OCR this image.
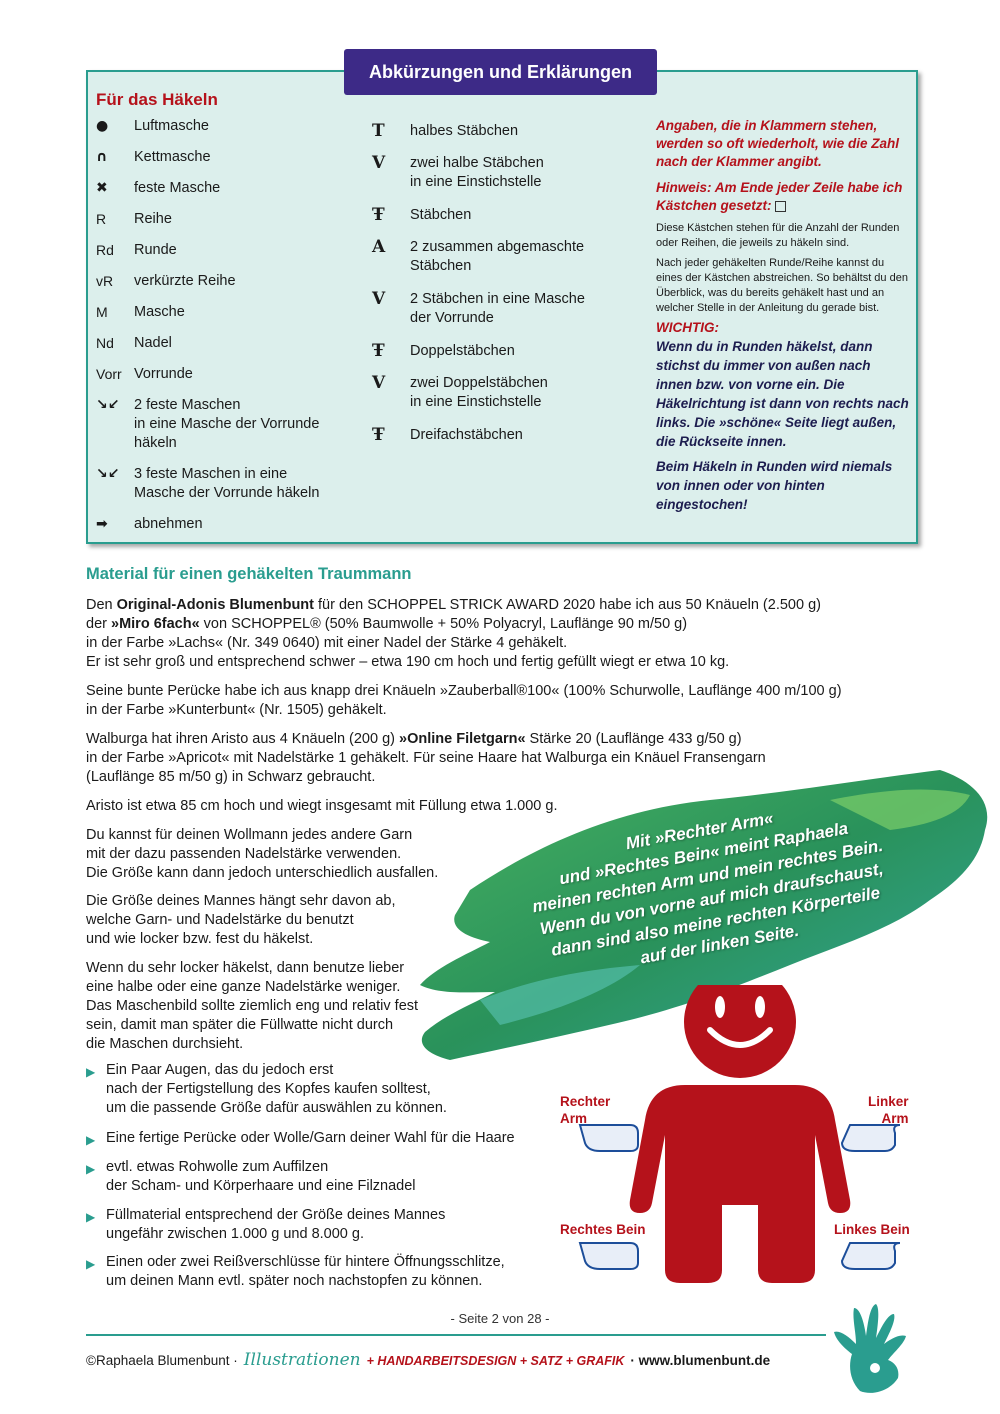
Abkürzungen und Erklärungen
Für das Häkeln
●	Luftmasche
∩	Kettmasche
✖	feste Masche
R	Reihe
Rd	Runde
vR	verkürzte Reihe
M	Masche
Nd	Nadel
Vorr Vorrunde
↘↙	2 feste Maschen
in eine Masche der Vorrunde
häkeln
↘↙	3 feste Maschen in eine
Masche der Vorrunde häkeln
➡	abnehmen
T	halbes Stäbchen
V	zwei halbe Stäbchen
in eine Einstichstelle
Ŧ	Stäbchen
A	2 zusammen abgemaschte
Stäbchen
V	2 Stäbchen in eine Masche
der Vorrunde
Ŧ	Doppelstäbchen
V	zwei Doppelstäbchen
in eine Einstichstelle
Ŧ	Dreifachstäbchen

Angaben, die in Klammern stehen, werden so oft wiederholt, wie die Zahl nach der Klammer angibt.

Hinweis: Am Ende jeder Zeile habe ich Kästchen gesetzt:

Diese Kästchen stehen für die Anzahl der Runden oder Reihen, die jeweils zu häkeln sind.

Nach jeder gehäkelten Runde/Reihe kannst du eines der Kästchen abstreichen. So behältst du den Überblick, was du bereits gehäkelt hast und an welcher Stelle in der Anleitung du gerade bist.

WICHTIG:

Wenn du in Runden häkelst, dann stichst du immer von außen nach innen bzw. von vorne ein. Die Häkelrichtung ist dann von rechts nach links. Die »schöne« Seite liegt außen, die Rückseite innen.

Beim Häkeln in Runden wird niemals von innen oder von hinten eingestochen!

Material für einen gehäkelten Traummann

Den Original-Adonis Blumenbunt für den SCHOPPEL STRICK AWARD 2020 habe ich aus 50 Knäueln (2.500 g)
der »Miro 6fach« von SCHOPPEL® (50% Baumwolle + 50% Polyacryl, Lauflänge 90 m/50 g)
in der Farbe »Lachs« (Nr. 349 0640) mit einer Nadel der Stärke 4 gehäkelt.
Er ist sehr groß und entsprechend schwer – etwa 190 cm hoch und fertig gefüllt wiegt er etwa 10 kg.

Seine bunte Perücke habe ich aus knapp drei Knäueln »Zauberball®100« (100% Schurwolle, Lauflänge 400 m/100 g)
in der Farbe »Kunterbunt« (Nr. 1505) gehäkelt.

Walburga hat ihren Aristo aus 4 Knäueln (200 g) »Online Filetgarn« Stärke 20 (Lauflänge 433 g/50 g)
in der Farbe »Apricot« mit Nadelstärke 1 gehäkelt. Für seine Haare hat Walburga ein Knäuel Fransengarn
(Lauflänge 85 m/50 g) in Schwarz gebraucht.

Aristo ist etwa 85 cm hoch und wiegt insgesamt mit Füllung etwa 1.000 g.

Du kannst für deinen Wollmann jedes andere Garn
mit der dazu passenden Nadelstärke verwenden.
Die Größe kann dann jedoch unterschiedlich ausfallen.

Die Größe deines Mannes hängt sehr davon ab,
welche Garn- und Nadelstärke du benutzt
und wie locker bzw. fest du häkelst.

Wenn du sehr locker häkelst, dann benutze lieber
eine halbe oder eine ganze Nadelstärke weniger.
Das Maschenbild sollte ziemlich eng und relativ fest
sein, damit man später die Füllwatte nicht durch
die Maschen durchsieht.

Mit »Rechter Arm«
und »Rechtes Bein« meint Raphaela
meinen rechten Arm und mein rechtes Bein.
Wenn du von vorne auf mich draufschaust,
dann sind also meine rechten Körperteile
auf der linken Seite.
▶ Ein Paar Augen, das du jedoch erst
nach der Fertigstellung des Kopfes kaufen solltest,
um die passende Größe dafür auswählen zu können.
▶ Eine fertige Perücke oder Wolle/Garn deiner Wahl für die Haare
▶ evtl. etwas Rohwolle zum Auffilzen
der Scham- und Körperhaare und eine Filznadel
▶ Füllmaterial entsprechend der Größe deines Mannes
ungefähr zwischen 1.000 g und 8.000 g.
▶ Einen oder zwei Reißverschlüsse für hintere Öffnungsschlitze,
um deinen Mann evtl. später noch nachstopfen zu können.
Rechter
Arm
Linker
Arm
Rechtes Bein	Linkes Bein
- Seite 2 von 28 -
©Raphaela Blumenbunt · Illustrationen + HANDARBEITSDESIGN + SATZ + GRAFIK · www.blumenbunt.de
